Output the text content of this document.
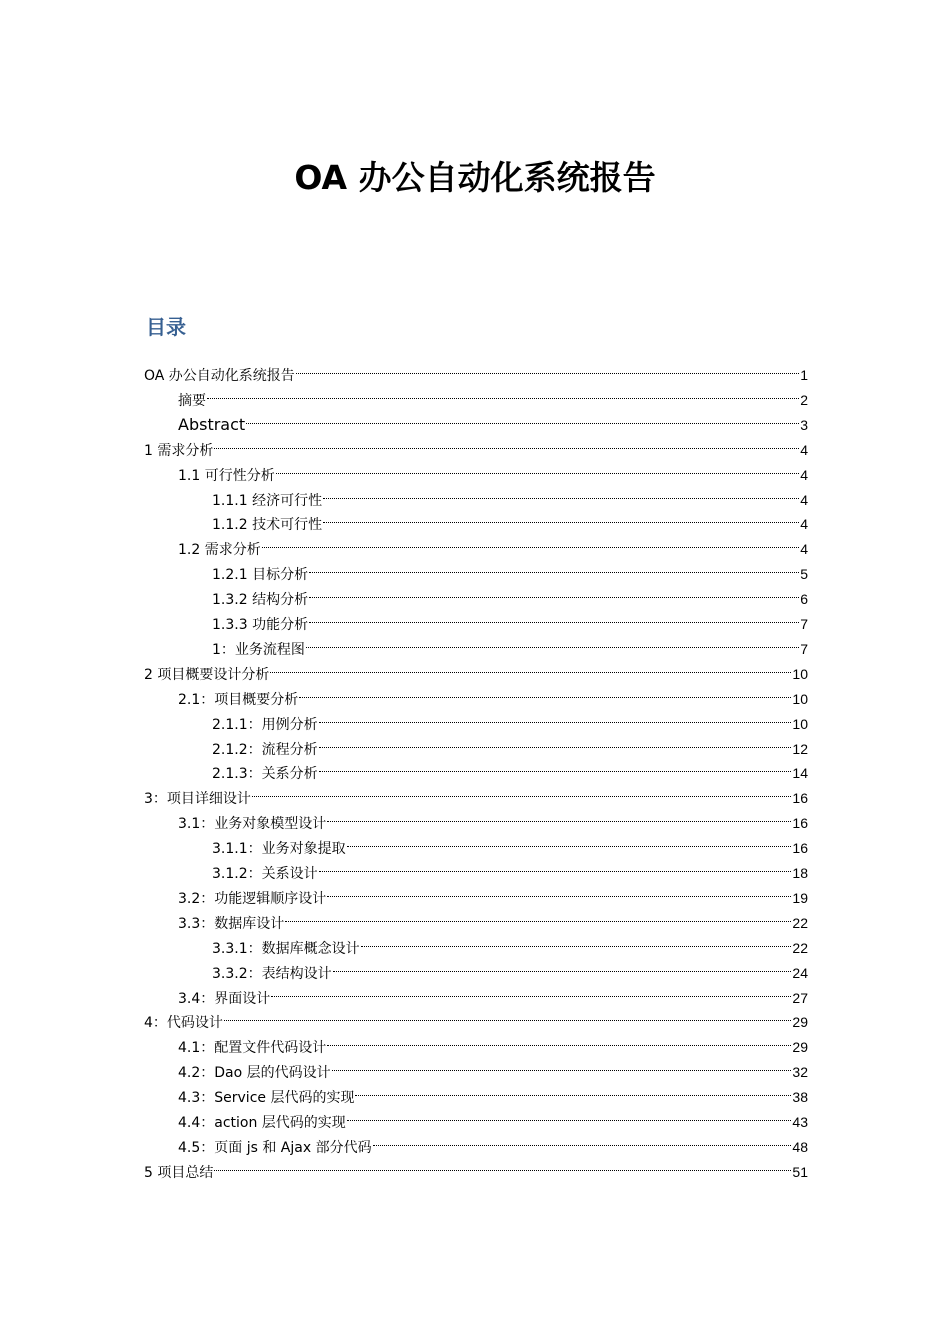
OA 办公自动化系统报告
目录
OA 办公自动化系统报告	1
摘要	2
Abstract	3
1 需求分析	4
1.1 可行性分析	4
1.1.1 经济可行性	4
1.1.2 技术可行性	4
1.2 需求分析	4
1.2.1 目标分析	5
1.3.2 结构分析	6
1.3.3 功能分析	7
1：业务流程图	7
2 项目概要设计分析	10
2.1：项目概要分析	10
2.1.1：用例分析	10
2.1.2：流程分析	12
2.1.3：关系分析	14
3：项目详细设计	16
3.1：业务对象模型设计	16
3.1.1：业务对象提取	16
3.1.2：关系设计	18
3.2：功能逻辑顺序设计	19
3.3：数据库设计	22
3.3.1：数据库概念设计	22
3.3.2：表结构设计	24
3.4：界面设计	27
4：代码设计	29
4.1：配置文件代码设计	29
4.2：Dao 层的代码设计	32
4.3：Service 层代码的实现	38
4.4：action 层代码的实现	43
4.5：页面 js 和 Ajax 部分代码	48
5 项目总结	51
